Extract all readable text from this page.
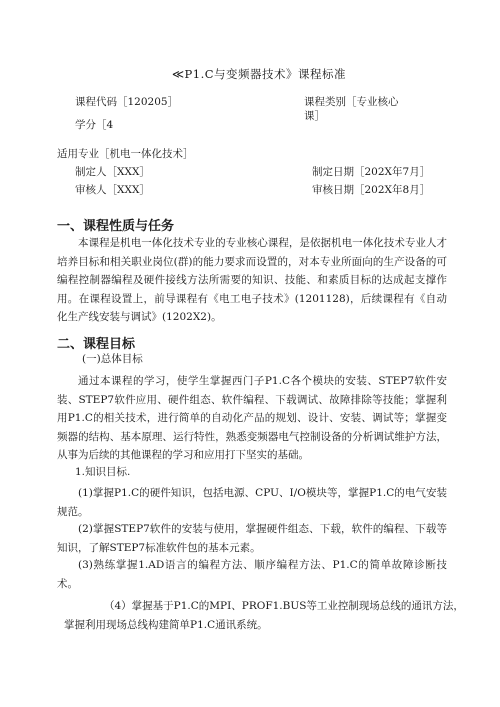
≪P1.C与变频器技术》课程标准
课程代码［120205］	课程类别［专业核心
课］
学分［4
适用专业［机电一体化技术］
制定人［XXX］	制定日期［202X年7月］
审核人［XXX］	审核日期［202X年8月］
一、课程性质与任务
本课程是机电一体化技术专业的专业核心课程，是依据机电一体化技术专业人才培养目标和相关职业岗位(群)的能力要求而设置的，对本专业所面向的生产设备的可编程控制器编程及硬件接线方法所需要的知识、技能、和素质目标的达成起支撑作用。在课程设置上，前导课程有《电工电子技术》(1201128)，后续课程有《自动化生产线安装与调试》(1202X2)。
二、课程目标
(一)总体目标
通过本课程的学习，使学生掌握西门子P1.C各个模块的安装、STEP7软件安装、STEP7软件应用、硬件组态、软件编程、下载调试、故障排除等技能；掌握利用P1.C的相关技术，进行简单的自动化产品的规划、设计、安装、调试等；掌握变频器的结构、基本原理、运行特性，熟悉变频器电气控制设备的分析调试维护方法，从事为后续的其他课程的学习和应用打下坚实的基础。
1.知识目标.
(1)掌握P1.C的硬件知识，包括电源、CPU、I/O模块等，掌握P1.C的电气安装规范。
(2)掌握STEP7软件的安装与使用，掌握硬件组态、下载，软件的编程、下载等知识，了解STEP7标准软件包的基本元素。
(3)熟练掌握1.AD语言的编程方法、顺序编程方法、P1.C的简单故障诊断技术。
（4）掌握基于P1.C的MPI、PROF1.BUS等工业控制现场总线的通讯方法，
掌握利用现场总线构建简单P1.C通讯系统。
